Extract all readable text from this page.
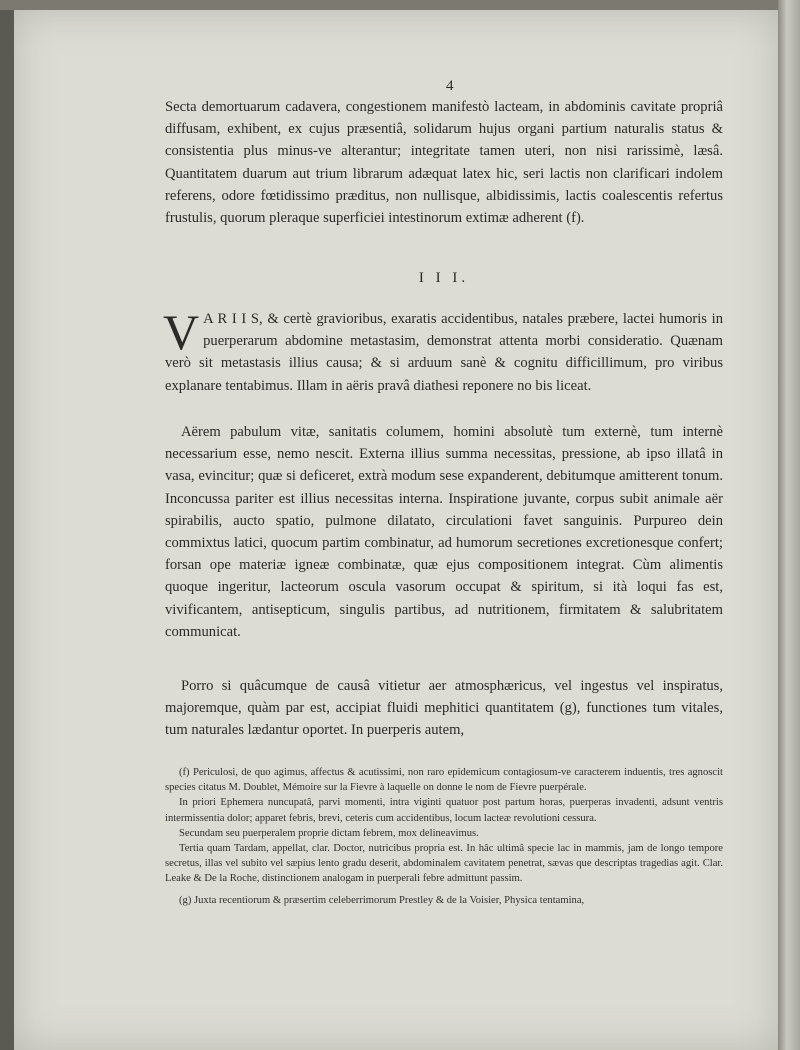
4
Secta demortuarum cadavera, congestionem manifestò lacteam, in abdominis cavitate propriâ diffusam, exhibent, ex cujus præsentiâ, solidarum hujus organi partium naturalis status & consistentia plus minus-ve alterantur; integritate tamen uteri, non nisi rarissimè, læsâ. Quantitatem duarum aut trium librarum adæquat latex hic, seri lactis non clarificari indolem referens, odore fœtidissimo præditus, non nullisque, albidissimis, lactis coalescentis refertus frustulis, quorum pleraque superficiei intestinorum extimæ adherent (f).
I I I.
V A R I I S, & certè gravioribus, exaratis accidentibus, natales præbere, lactei humoris in puerperarum abdomine metastasim, demonstrat attenta morbi consideratio. Quænam verò sit metastasis illius causa; & si arduum sanè & cognitu difficillimum, pro viribus explanare tentabimus. Illam in aëris pravâ diathesi reponere no bis liceat.
Aërem pabulum vitæ, sanitatis columem, homini absolutè tum externè, tum internè necessarium esse, nemo nescit. Externa illius summa necessitas, pressione, ab ipso illatâ in vasa, evincitur; quæ si deficeret, extrà modum sese expanderent, debitumque amitterent tonum. Inconcussa pariter est illius necessitas interna. Inspiratione juvante, corpus subit animale aër spirabilis, aucto spatio, pulmone dilatato, circulationi favet sanguinis. Purpureo dein commixtus latici, quocum partim combinatur, ad humorum secretiones excretionesque confert; forsan ope materiæ igneæ combinatæ, quæ ejus compositionem integrat. Cùm alimentis quoque ingeritur, lacteorum oscula vasorum occupat & spiritum, si ità loqui fas est, vivificantem, antisepticum, singulis partibus, ad nutritionem, firmitatem & salubritatem communicat.
Porro si quâcumque de causâ vitietur aer atmosphæricus, vel ingestus vel inspiratus, majoremque, quàm par est, accipiat fluidi mephitici quantitatem (g), functiones tum vitales, tum naturales lædantur oportet. In puerperis autem,

(f) Periculosi, de quo agimus, affectus & acutissimi, non raro epidemicum contagiosum-ve caracterem induentis, tres agnoscit species citatus M. Doublet, Mémoire sur la Fievre à laquelle on donne le nom de Fievre puerpérale.

In priori Ephemera nuncupatâ, parvi momenti, intra viginti quatuor post partum horas, puerperas invadenti, adsunt ventris intermissentia dolor; apparet febris, brevi, ceteris cum accidentibus, locum lacteæ revolutioni cessura.

Secundam seu puerperalem proprie dictam febrem, mox delineavimus.

Tertia quam Tardam, appellat, clar. Doctor, nutricibus propria est. In hâc ultimâ specie lac in mammis, jam de longo tempore secretus, illas vel subito vel sæpius lento gradu deserit, abdominalem cavitatem penetrat, sævas que descriptas tragedias agit. Clar. Leake & De la Roche, distinctionem analogam in puerperali febre admittunt passim.

(g) Juxta recentiorum & præsertim celeberrimorum Prestley & de la Voisier, Physica tentamina,
